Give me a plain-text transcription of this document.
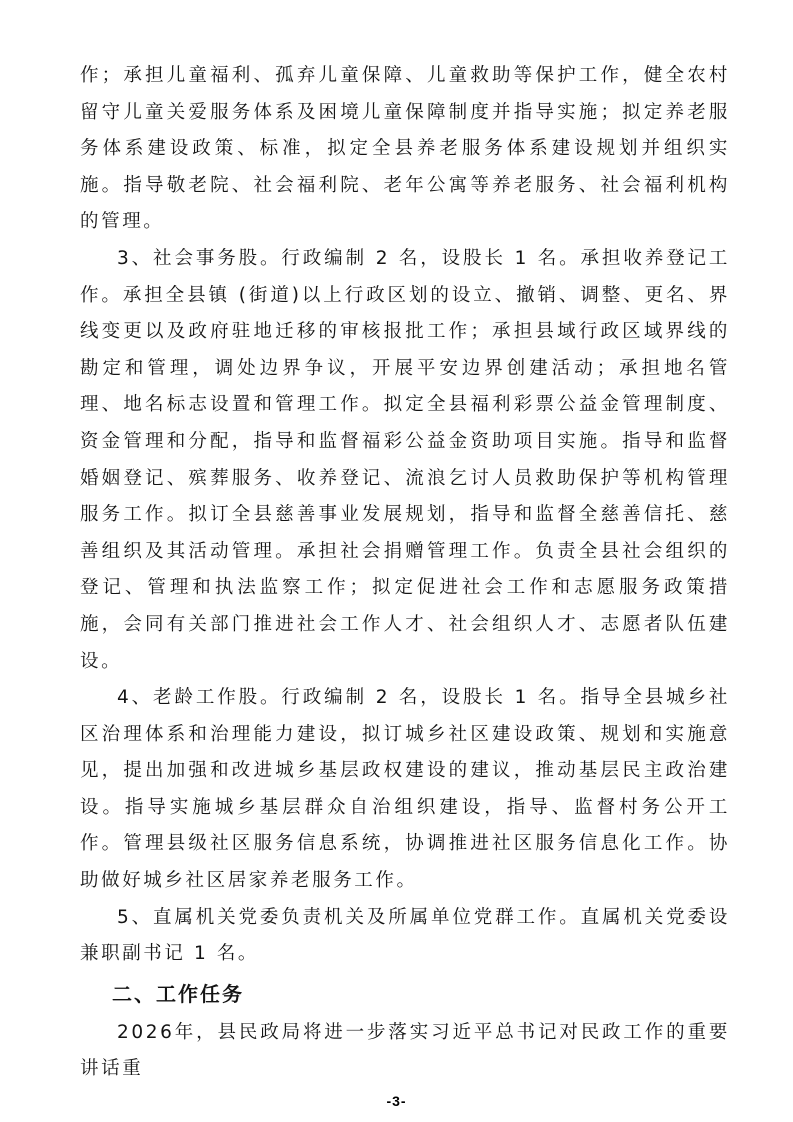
作；承担儿童福利、孤弃儿童保障、儿童救助等保护工作，健全农村留守儿童关爱服务体系及困境儿童保障制度并指导实施；拟定养老服务体系建设政策、标准，拟定全县养老服务体系建设规划并组织实施。指导敬老院、社会福利院、老年公寓等养老服务、社会福利机构的管理。

3、社会事务股。行政编制 2 名，设股长 1 名。承担收养登记工作。承担全县镇 (街道)以上行政区划的设立、撤销、调整、更名、界线变更以及政府驻地迁移的审核报批工作；承担县域行政区域界线的勘定和管理，调处边界争议，开展平安边界创建活动；承担地名管理、地名标志设置和管理工作。拟定全县福利彩票公益金管理制度、资金管理和分配，指导和监督福彩公益金资助项目实施。指导和监督婚姻登记、殡葬服务、收养登记、流浪乞讨人员救助保护等机构管理服务工作。拟订全县慈善事业发展规划，指导和监督全慈善信托、慈善组织及其活动管理。承担社会捐赠管理工作。负责全县社会组织的登记、管理和执法监察工作；拟定促进社会工作和志愿服务政策措施，会同有关部门推进社会工作人才、社会组织人才、志愿者队伍建设。

4、老龄工作股。行政编制 2 名，设股长 1 名。指导全县城乡社区治理体系和治理能力建设，拟订城乡社区建设政策、规划和实施意见，提出加强和改进城乡基层政权建设的建议，推动基层民主政治建设。指导实施城乡基层群众自治组织建设，指导、监督村务公开工作。管理县级社区服务信息系统，协调推进社区服务信息化工作。协助做好城乡社区居家养老服务工作。

5、直属机关党委负责机关及所属单位党群工作。直属机关党委设兼职副书记 1 名。

二、工作任务

2026年，县民政局将进一步落实习近平总书记对民政工作的重要讲话重

-3-
